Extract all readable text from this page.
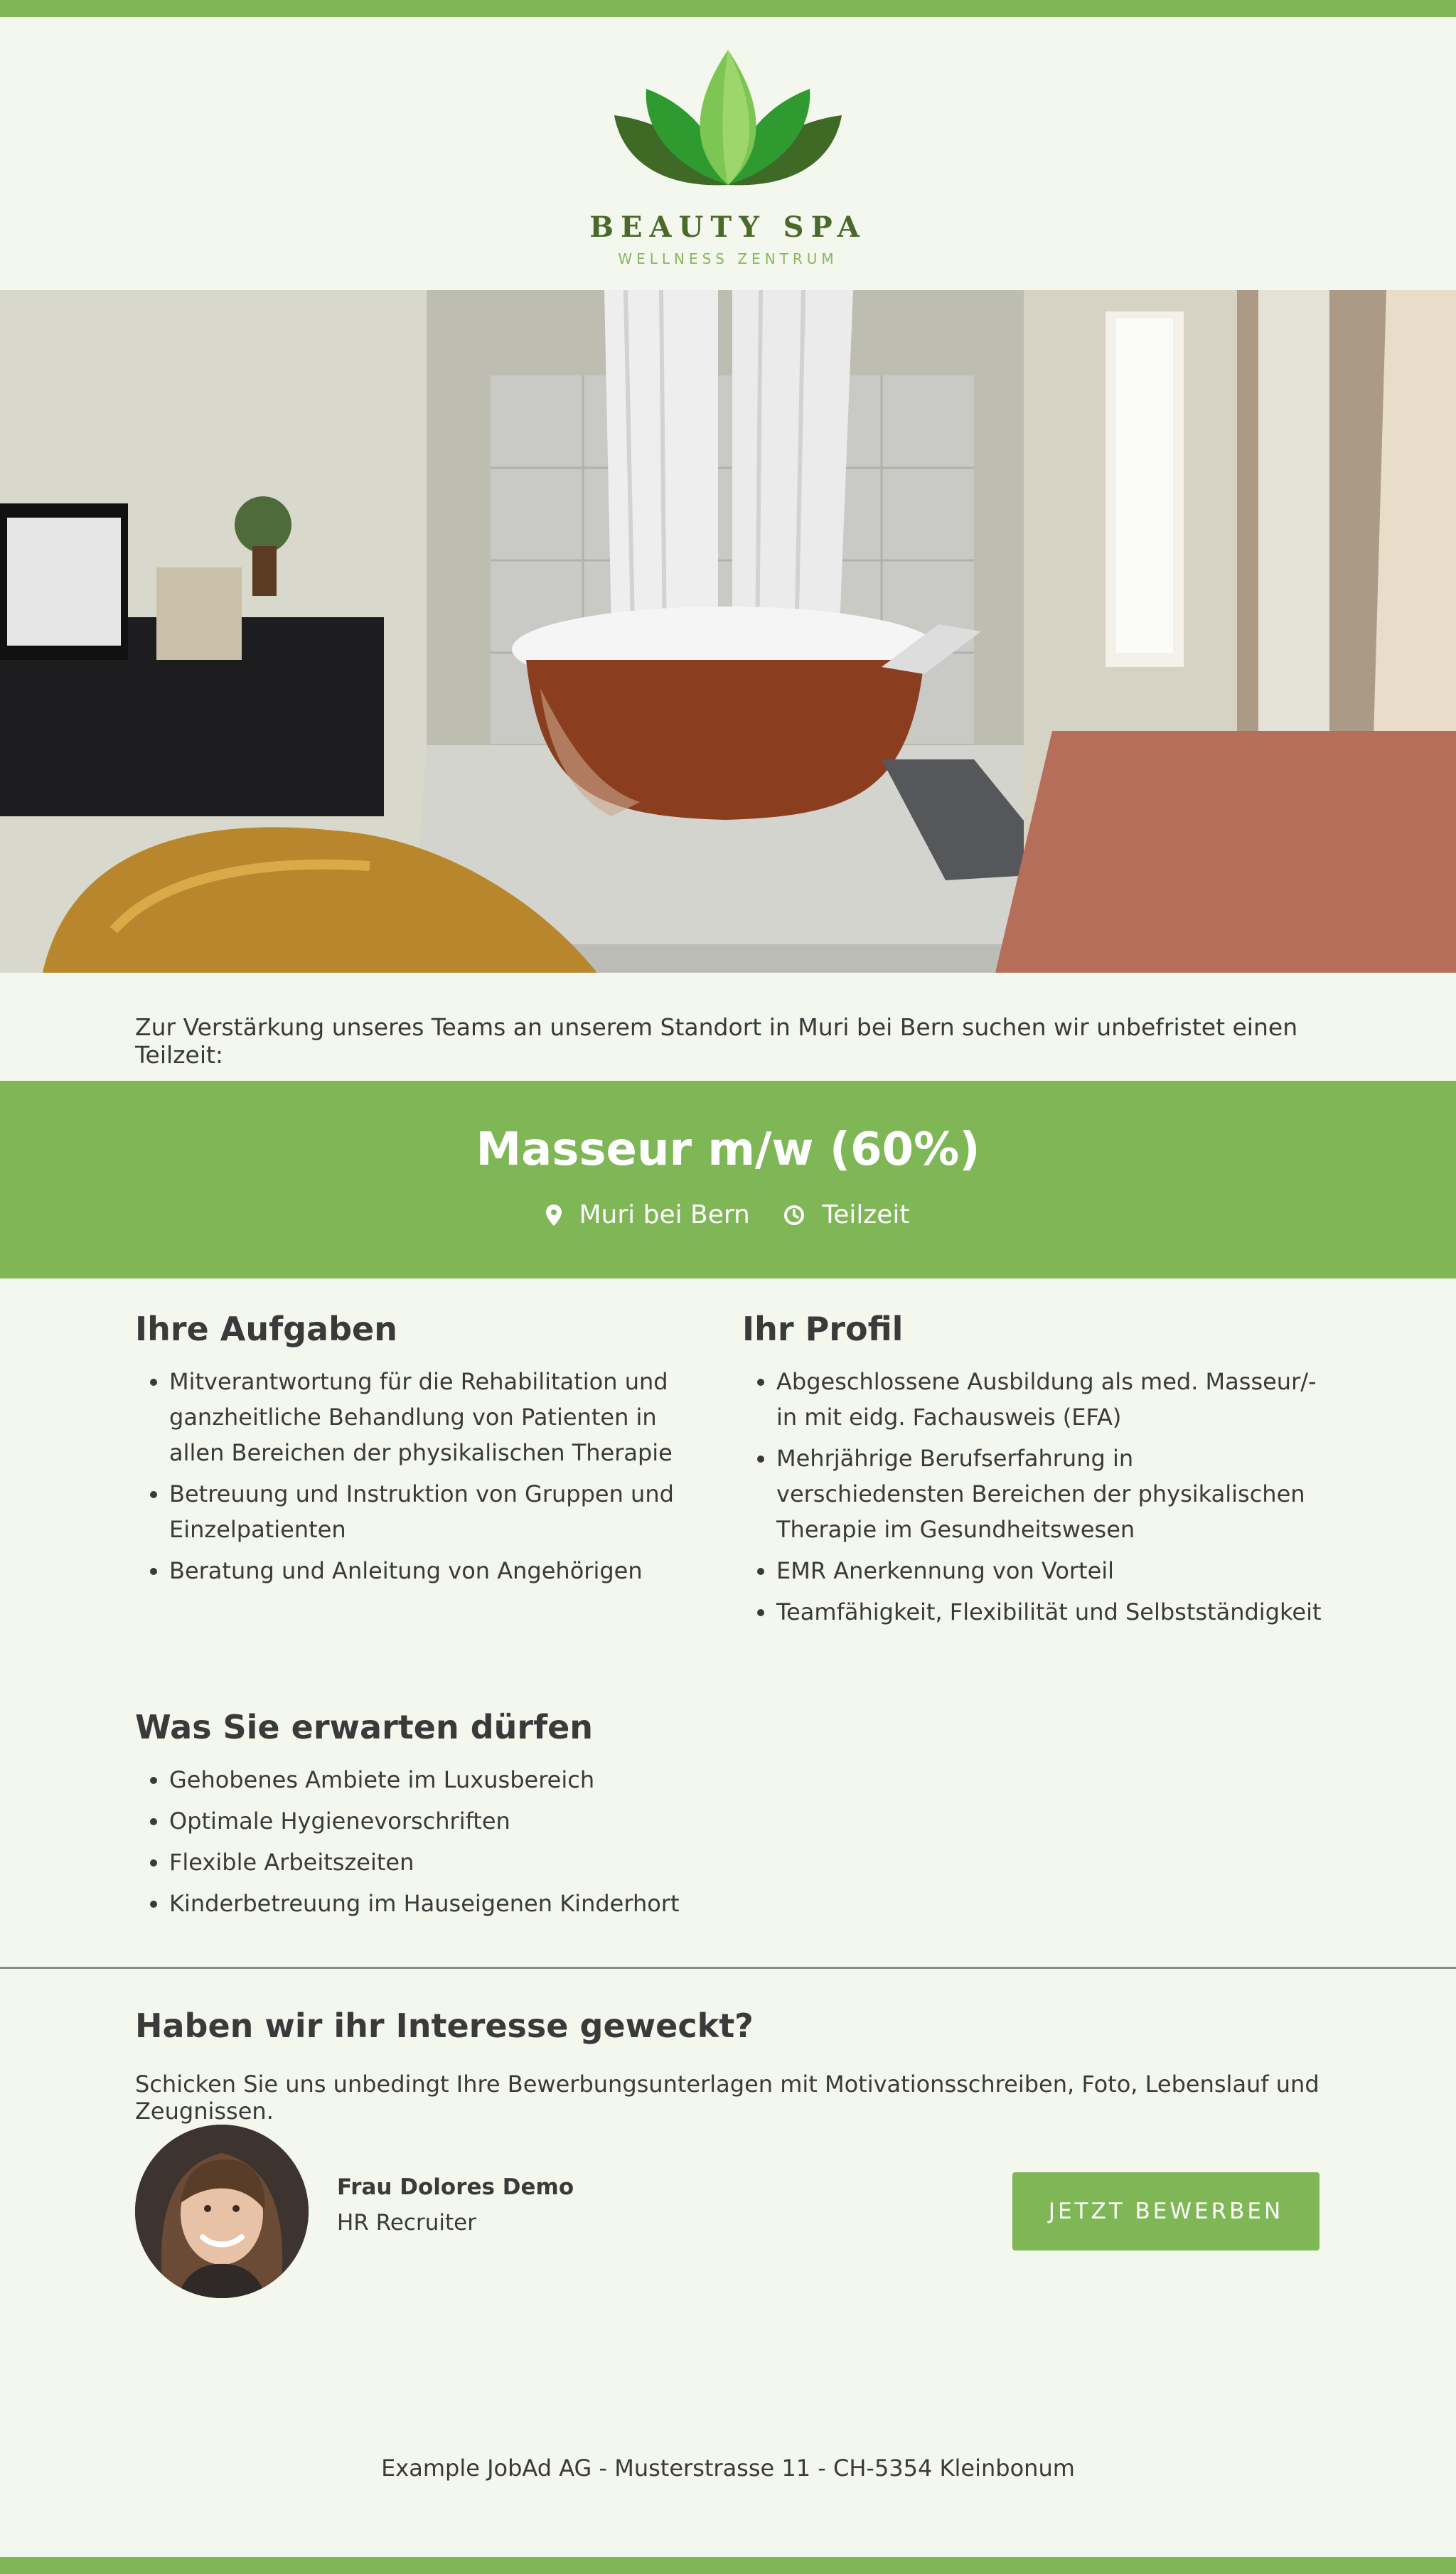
BEAUTY SPA
WELLNESS ZENTRUM
Zur Verstärkung unseres Teams an unserem Standort in Muri bei Bern suchen wir unbefristet einen Teilzeit:
Masseur m/w (60%)
Muri bei Bern	Teilzeit
Ihre Aufgaben
• Mitverantwortung für die Rehabilitation und ganzheitliche Behandlung von Patienten in allen Bereichen der physikalischen Therapie
• Betreuung und Instruktion von Gruppen und Einzelpatienten
• Beratung und Anleitung von Angehörigen
Ihr Profil
• Abgeschlossene Ausbildung als med. Masseur/-in mit eidg. Fachausweis (EFA)
• Mehrjährige Berufserfahrung in verschiedensten Bereichen der physikalischen Therapie im Gesundheitswesen
• EMR Anerkennung von Vorteil
• Teamfähigkeit, Flexibilität und Selbstständigkeit
Was Sie erwarten dürfen
• Gehobenes Ambiete im Luxusbereich
• Optimale Hygienevorschriften
• Flexible Arbeitszeiten
• Kinderbetreuung im Hauseigenen Kinderhort
Haben wir ihr Interesse geweckt?
Schicken Sie uns unbedingt Ihre Bewerbungsunterlagen mit Motivationsschreiben, Foto, Lebenslauf und Zeugnissen.
Frau Dolores Demo
HR Recruiter	JETZT BEWERBEN
Example JobAd AG - Musterstrasse 11 - CH-5354 Kleinbonum
